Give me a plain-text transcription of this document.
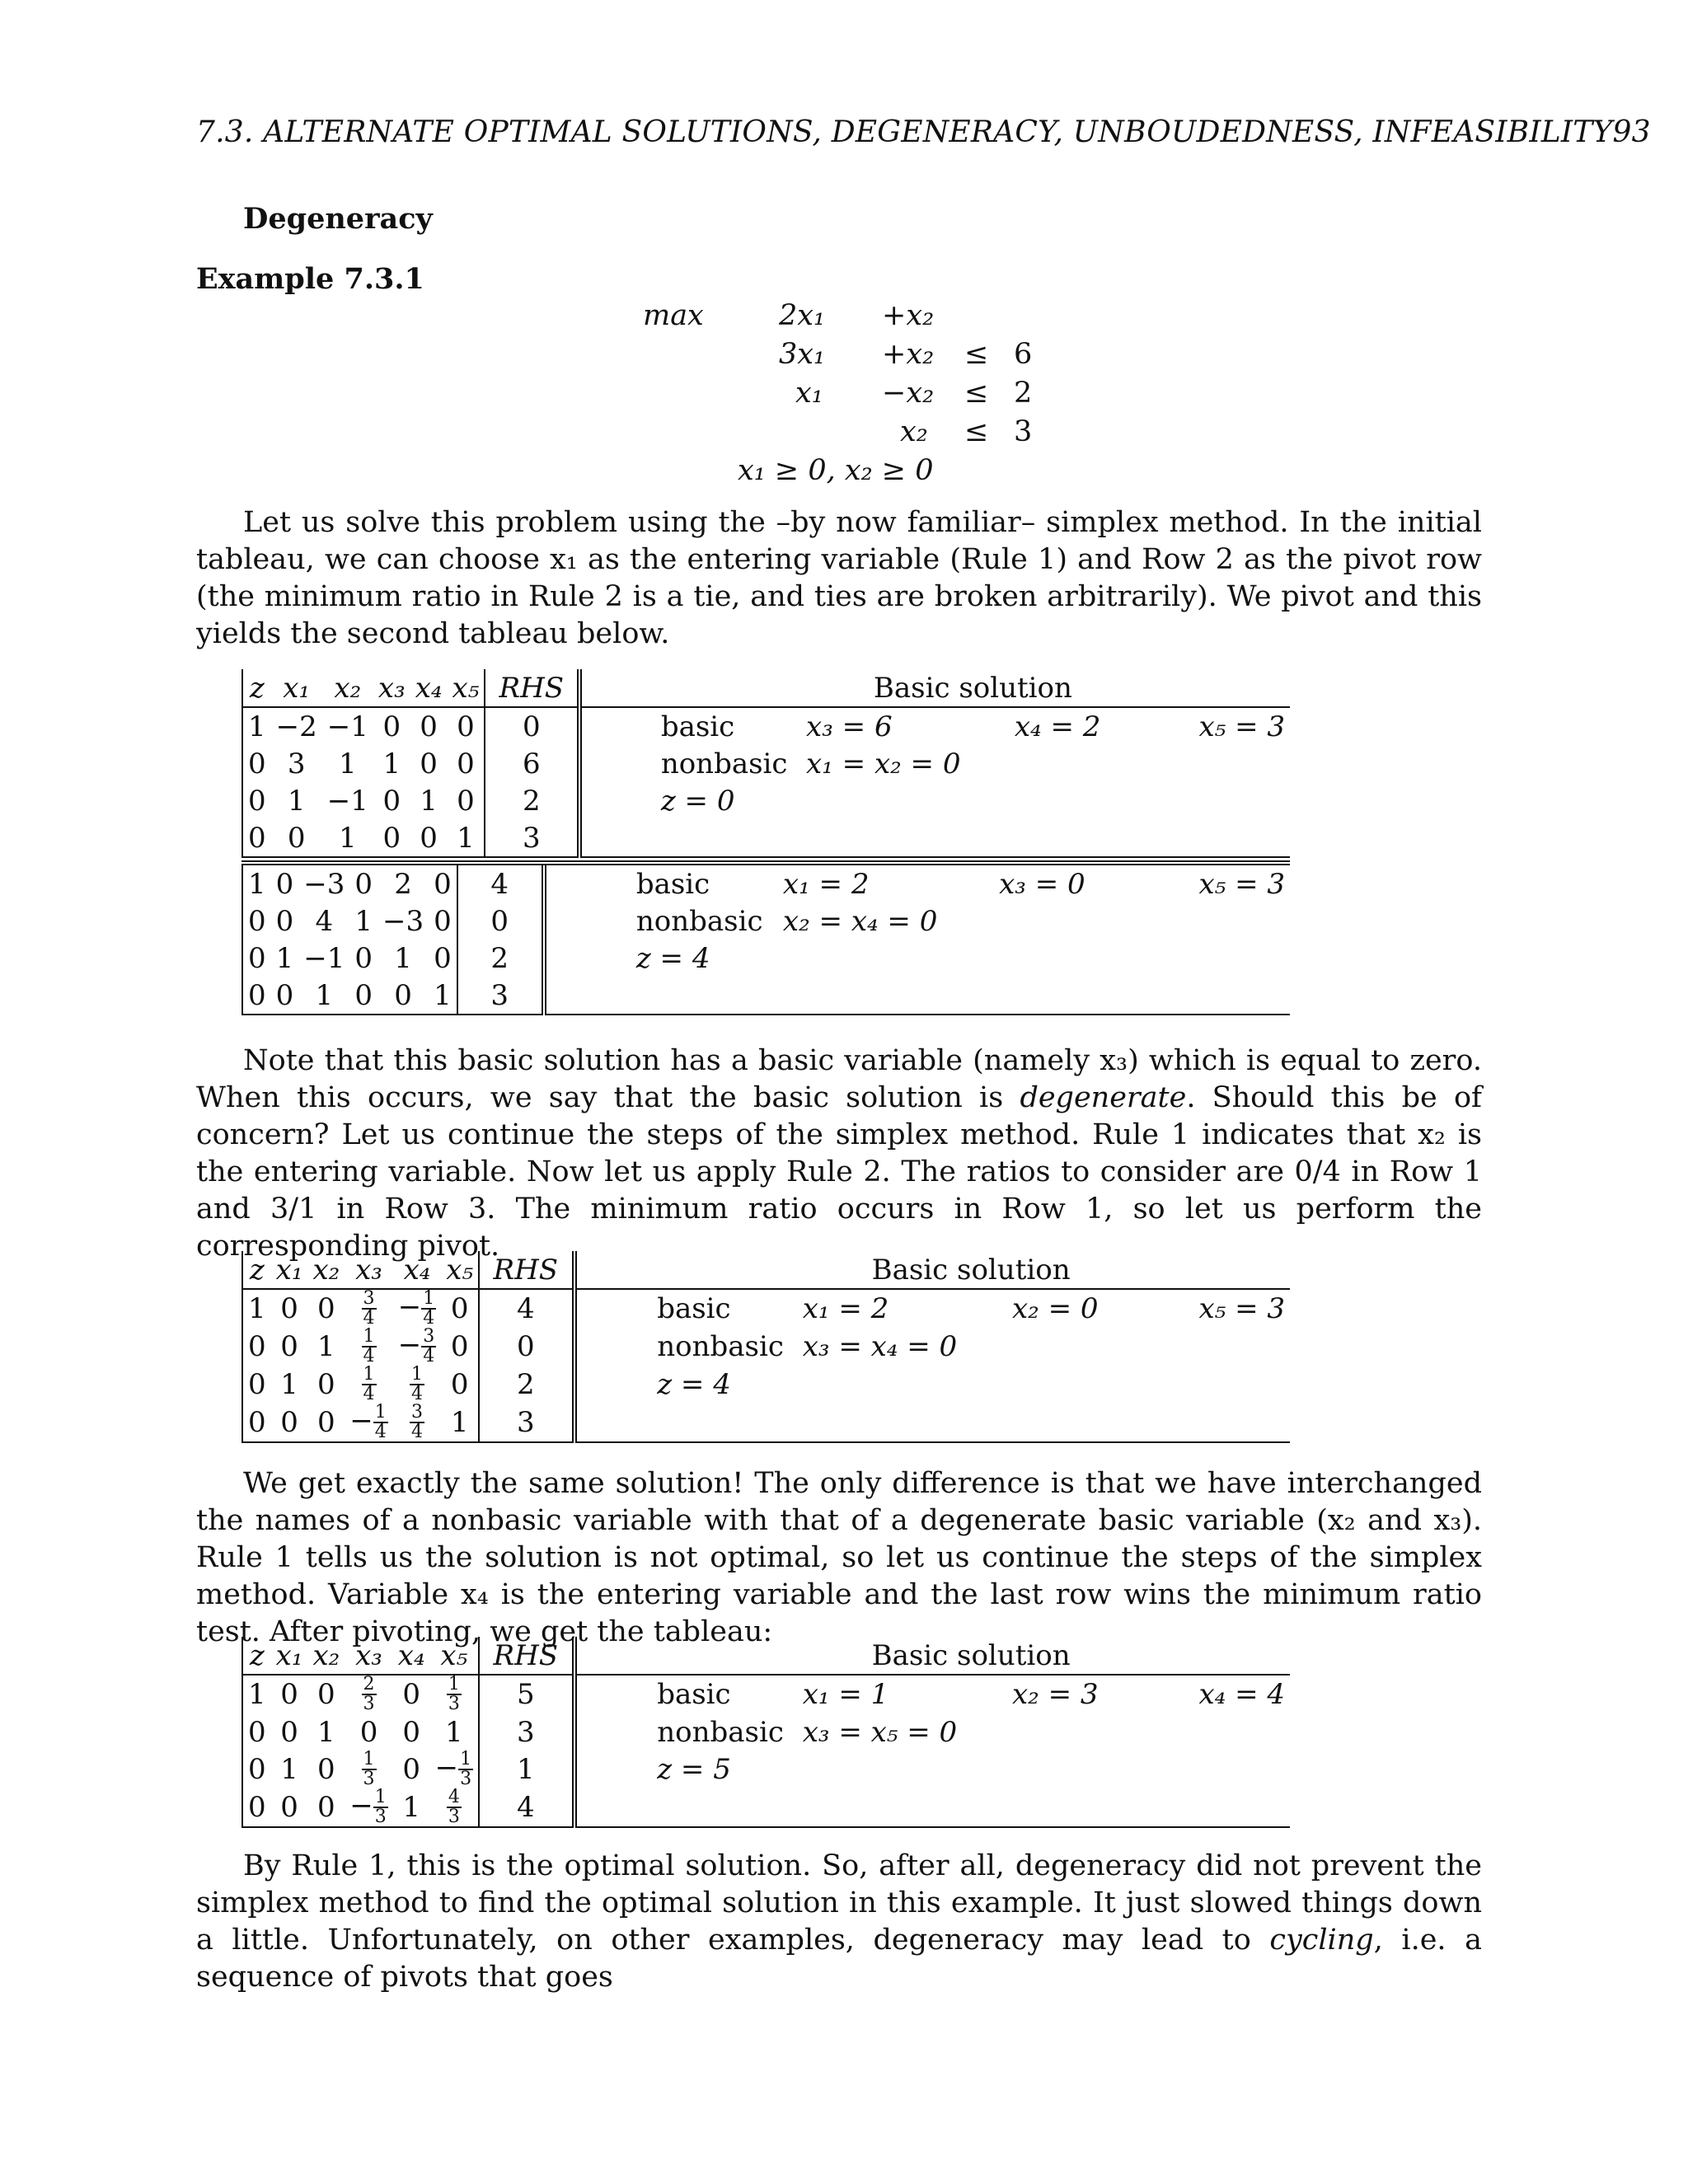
7.3. ALTERNATE OPTIMAL SOLUTIONS, DEGENERACY, UNBOUDEDNESS, INFEASIBILITY93
Degeneracy
Example 7.3.1
max	2x₁ +x₂
3x₁ +x₂ ≤ 6
x₁ −x₂ ≤ 2
x₂ ≤ 3
x₁ ≥ 0, x₂ ≥ 0
Let us solve this problem using the –by now familiar– simplex method. In the initial tableau, we can choose x₁ as the entering variable (Rule 1) and Row 2 as the pivot row (the minimum ratio in Rule 2 is a tie, and ties are broken arbitrarily). We pivot and this yields the second tableau below.
z	x₁	x₂	x₃	x₄	x₅	RHS		Basic solution			
1	−2	−1	0	0	0	0		basic	x₃ = 6	x₄ = 2	x₅ = 3
0	3	1	1	0	0	6		nonbasic	x₁ = x₂ = 0		
0	1	−1	0	1	0	2		z = 0			
0	0	1	0	0	1	3					
1	0	−3	0	2	0	4		basic	x₁ = 2	x₃ = 0	x₅ = 3
0	0	4	1	−3	0	0		nonbasic	x₂ = x₄ = 0		
0	1	−1	0	1	0	2		z = 4			
0	0	1	0	0	1	3					
Note that this basic solution has a basic variable (namely x₃) which is equal to zero. When this occurs, we say that the basic solution is degenerate. Should this be of concern? Let us continue the steps of the simplex method. Rule 1 indicates that x₂ is the entering variable. Now let us apply Rule 2. The ratios to consider are 0/4 in Row 1 and 3/1 in Row 3. The minimum ratio occurs in Row 1, so let us perform the corresponding pivot.
z	x₁	x₂	x₃	x₄	x₅	RHS		Basic solution			
1	0	0	$\frac{3}{4}$	− $\frac{1}{4}$	0	4		basic	x₁ = 2	x₂ = 0	x₅ = 3
0	0	1	$\frac{1}{4}$	− $\frac{3}{4}$	0	0		nonbasic	x₃ = x₄ = 0		
0	1	0	$\frac{1}{4}$	$\frac{1}{4}$	0	2		z = 4			
0	0	0	− $\frac{1}{4}$	$\frac{3}{4}$	1	3					
We get exactly the same solution! The only difference is that we have interchanged the names of a nonbasic variable with that of a degenerate basic variable (x₂ and x₃). Rule 1 tells us the solution is not optimal, so let us continue the steps of the simplex method. Variable x₄ is the entering variable and the last row wins the minimum ratio test. After pivoting, we get the tableau:
z	x₁	x₂	x₃	x₄	x₅	RHS		Basic solution			
1	0	0	$\frac{2}{3}$	0	$\frac{1}{3}$	5		basic	x₁ = 1	x₂ = 3	x₄ = 4
0	0	1	0	0	1	3		nonbasic	x₃ = x₅ = 0		
0	1	0	$\frac{1}{3}$	0	− $\frac{1}{3}$	1		z = 5			
0	0	0	− $\frac{1}{3}$	1	$\frac{4}{3}$	4					
By Rule 1, this is the optimal solution. So, after all, degeneracy did not prevent the simplex method to find the optimal solution in this example. It just slowed things down a little. Unfortunately, on other examples, degeneracy may lead to cycling, i.e. a sequence of pivots that goes
